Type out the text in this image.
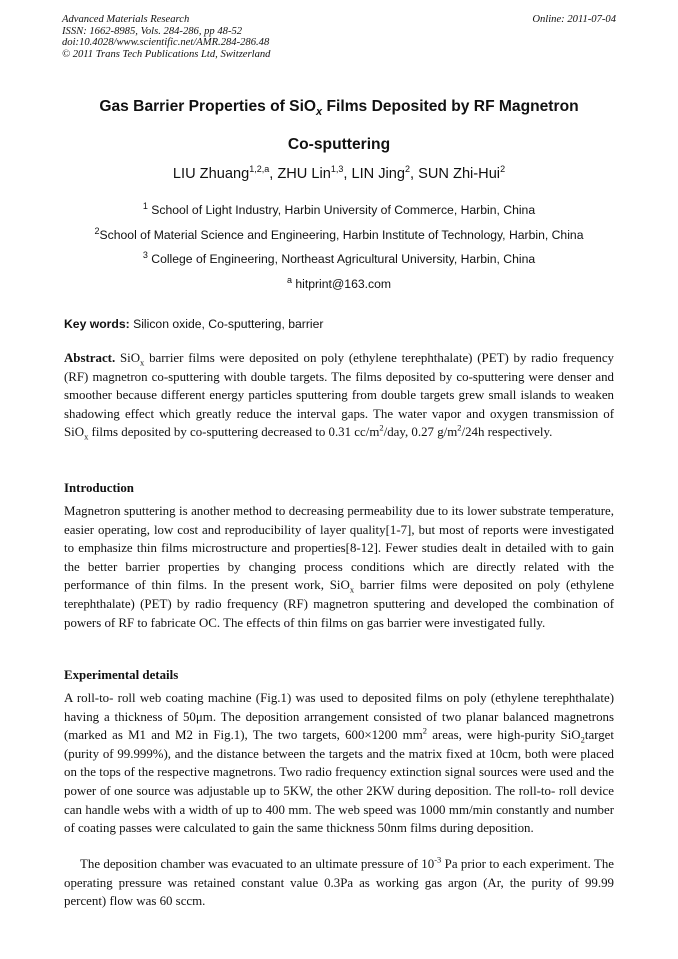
Advanced Materials Research
ISSN: 1662-8985, Vols. 284-286, pp 48-52
doi:10.4028/www.scientific.net/AMR.284-286.48
© 2011 Trans Tech Publications Ltd, Switzerland
Online: 2011-07-04
Gas Barrier Properties of SiO$_x$ Films Deposited by RF Magnetron
Co-sputtering
LIU Zhuang$^{1,2,a}$, ZHU Lin$^{1,3}$, LIN Jing$^2$, SUN Zhi-Hui$^2$
$^1$ School of Light Industry, Harbin University of Commerce, Harbin, China
$^2$School of Material Science and Engineering, Harbin Institute of Technology, Harbin, China
$^3$ College of Engineering, Northeast Agricultural University, Harbin, China
$^a$ hitprint@163.com
Key words: Silicon oxide, Co-sputtering, barrier
Abstract. SiO$_x$ barrier films were deposited on poly (ethylene terephthalate) (PET) by radio frequency (RF) magnetron co-sputtering with double targets. The films deposited by co-sputtering were denser and smoother because different energy particles sputtering from double targets grew small islands to weaken shadowing effect which greatly reduce the interval gaps. The water vapor and oxygen transmission of SiO$_x$ films deposited by co-sputtering decreased to 0.31 $cc/m^2$/day, 0.27 $g/m^2/24h$ respectively.
Introduction
Magnetron sputtering is another method to decreasing permeability due to its lower substrate temperature, easier operating, low cost and reproducibility of layer quality[1-7], but most of reports were investigated to emphasize thin films microstructure and properties[8-12]. Fewer studies dealt in detailed with to gain the better barrier properties by changing process conditions which are directly related with the performance of thin films. In the present work, SiO$_x$ barrier films were deposited on poly (ethylene terephthalate) (PET) by radio frequency (RF) magnetron sputtering and developed the combination of powers of RF to fabricate OC. The effects of thin films on gas barrier were investigated fully.
Experimental details
A roll-to- roll web coating machine (Fig.1) was used to deposited films on poly (ethylene terephthalate) having a thickness of 50μm. The deposition arrangement consisted of two planar balanced magnetrons (marked as M1 and M2 in Fig.1), The two targets, 600×1200 $mm^2$ areas, were high-purity SiO$_2$target (purity of 99.999%), and the distance between the targets and the matrix fixed at 10cm, both were placed on the tops of the respective magnetrons. Two radio frequency extinction signal sources were used and the power of one source was adjustable up to 5KW, the other 2KW during deposition. The roll-to- roll device can handle webs with a width of up to 400 mm. The web speed was 1000 mm/min constantly and number of coating passes were calculated to gain the same thickness 50nm films during deposition.
The deposition chamber was evacuated to an ultimate pressure of $10^{-3}$ Pa prior to each experiment. The operating pressure was retained constant value 0.3Pa as working gas argon (Ar, the purity of 99.99 percent) flow was 60 sccm.
